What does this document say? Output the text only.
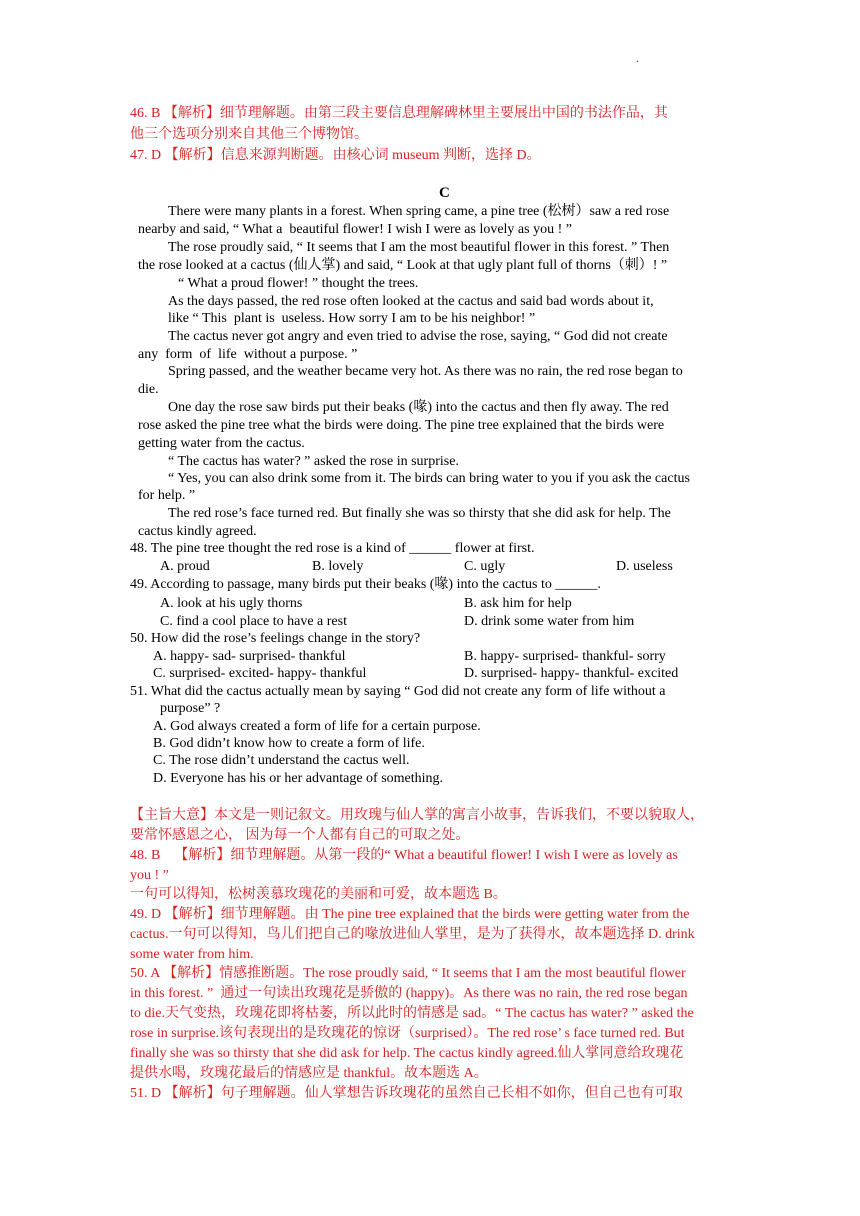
.
46. B 【解析】细节理解题。由第三段主要信息理解碑林里主要展出中国的书法作品，其
他三个选项分别来自其他三个博物馆。
47. D 【解析】信息来源判断题。由核心词 museum 判断，选择 D。
C
There were many plants in a forest. When spring came, a pine tree (松树）saw a red rose
nearby and said, “ What a  beautiful flower! I wish I were as lovely as you ! ”
The rose proudly said, “ It seems that I am the most beautiful flower in this forest. ” Then
the rose looked at a cactus (仙人掌) and said, “ Look at that ugly plant full of thorns（刺）! ”
“ What a proud flower! ” thought the trees.
As the days passed, the red rose often looked at the cactus and said bad words about it,
like “ This  plant is  useless. How sorry I am to be his neighbor! ”
The cactus never got angry and even tried to advise the rose, saying, “ God did not create
any  form  of  life  without a purpose. ”
Spring passed, and the weather became very hot. As there was no rain, the red rose began to
die.
One day the rose saw birds put their beaks (喙) into the cactus and then fly away. The red
rose asked the pine tree what the birds were doing. The pine tree explained that the birds were
getting water from the cactus.
“ The cactus has water? ” asked the rose in surprise.
“ Yes, you can also drink some from it. The birds can bring water to you if you ask the cactus
for help. ”
The red rose’s face turned red. But finally she was so thirsty that she did ask for help. The
cactus kindly agreed.
48. The pine tree thought the red rose is a kind of ______ flower at first.
A. proud	B. lovely	C. ugly	D. useless
49. According to passage, many birds put their beaks (喙) into the cactus to ______.
A. look at his ugly thorns	B. ask him for help
C. find a cool place to have a rest	D. drink some water from him
50. How did the rose’s feelings change in the story?
A. happy- sad- surprised- thankful	B. happy- surprised- thankful- sorry
C. surprised- excited- happy- thankful	D. surprised- happy- thankful- excited
51. What did the cactus actually mean by saying “ God did not create any form of life without a
purpose” ?
A. God always created a form of life for a certain purpose.
B. God didn’t know how to create a form of life.
C. The rose didn’t understand the cactus well.
D. Everyone has his or her advantage of something.
【主旨大意】本文是一则记叙文。用玫瑰与仙人掌的寓言小故事，告诉我们，不要以貌取人，
要常怀感恩之心， 因为每一个人都有自己的可取之处。
48. B    【解析】细节理解题。从第一段的“ What a beautiful flower! I wish I were as lovely as
you ! ”
一句可以得知，松树羡慕玫瑰花的美丽和可爱，故本题选 B。
49. D 【解析】细节理解题。由 The pine tree explained that the birds were getting water from the
cactus.一句可以得知，鸟儿们把自己的喙放进仙人掌里，是为了获得水，故本题选择 D. drink
some water from him.
50. A 【解析】情感推断题。The rose proudly said, “ It seems that I am the most beautiful flower
in this forest. ”  通过一句读出玫瑰花是骄傲的 (happy)。As there was no rain, the red rose began
to die.天气变热，玫瑰花即将枯萎，所以此时的情感是 sad。“ The cactus has water? ” asked the
rose in surprise.该句表现出的是玫瑰花的惊讶（surprised）。The red rose’ s face turned red. But
finally she was so thirsty that she did ask for help. The cactus kindly agreed.仙人掌同意给玫瑰花
提供水喝，玫瑰花最后的情感应是 thankful。故本题选 A。
51. D 【解析】句子理解题。仙人掌想告诉玫瑰花的虽然自己长相不如你，但自己也有可取
